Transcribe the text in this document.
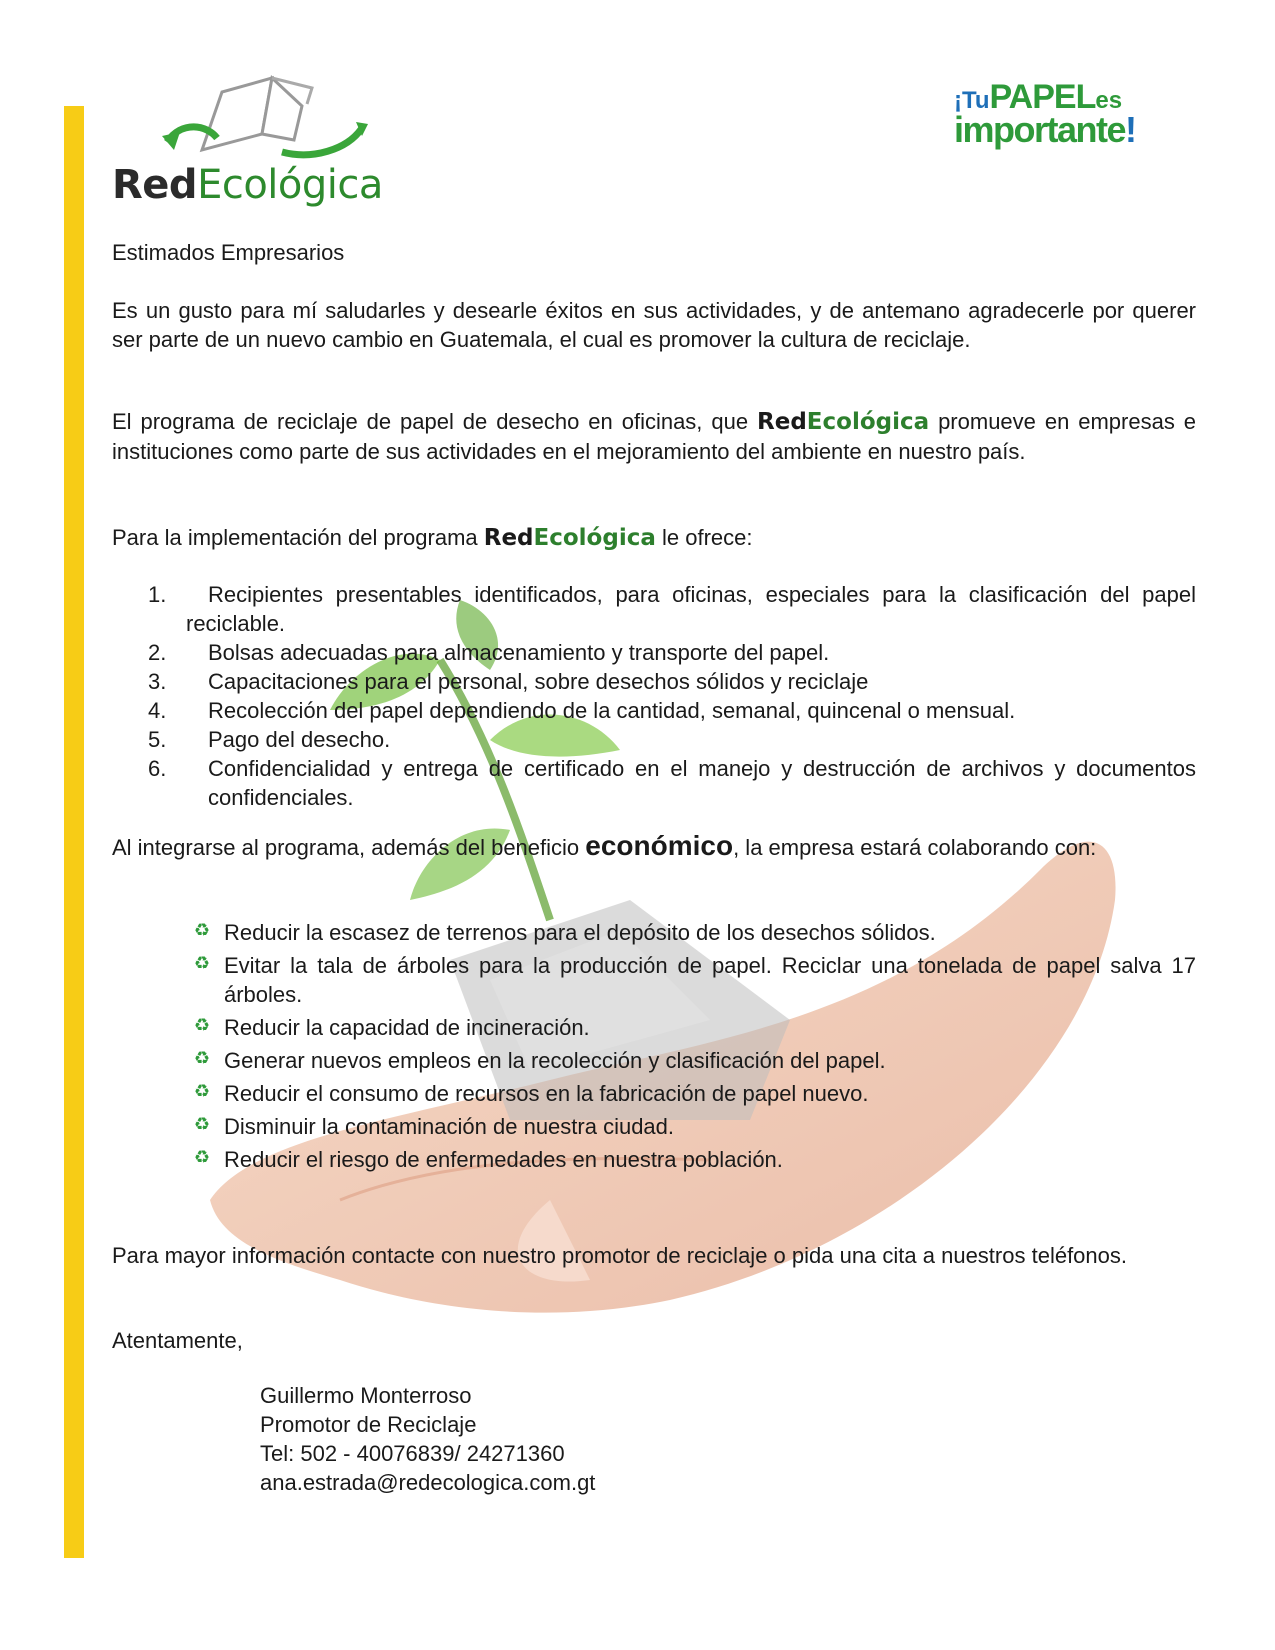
RedEcológica
¡TuPAPELes
importante!
Estimados Empresarios
Es un gusto para mí saludarles y desearle éxitos en sus actividades, y de antemano agradecerle por querer ser parte de un nuevo cambio en Guatemala, el cual es promover la cultura de reciclaje.
El programa de reciclaje de papel de desecho en oficinas, que RedEcológica promueve en empresas e instituciones como parte de sus actividades en el mejoramiento del ambiente en nuestro país.
Para la implementación del programa RedEcológica le ofrece:
1.	Recipientes presentables identificados, para oficinas, especiales para la clasificación del papel reciclable.
2.	Bolsas adecuadas para almacenamiento y transporte del papel.
3.	Capacitaciones para el personal, sobre desechos sólidos y reciclaje
4.	Recolección del papel dependiendo de la cantidad, semanal, quincenal o mensual.
5.	Pago del desecho.
6.	Confidencialidad y entrega de certificado en el manejo y destrucción de archivos y documentos confidenciales.
Al integrarse al programa, además del beneficio económico, la empresa estará colaborando con:
♻ Reducir la escasez de terrenos para el depósito de los desechos sólidos.
♻ Evitar la tala de árboles para la producción de papel. Reciclar una tonelada de papel salva 17 árboles.
♻ Reducir la capacidad de incineración.
♻ Generar nuevos empleos en la recolección y clasificación del papel.
♻ Reducir el consumo de recursos en la fabricación de papel nuevo.
♻ Disminuir la contaminación de nuestra ciudad.
♻ Reducir el riesgo de enfermedades en nuestra población.
Para mayor información contacte con nuestro promotor de reciclaje o pida una cita a nuestros teléfonos.
Atentamente,
Guillermo Monterroso
Promotor de Reciclaje
Tel: 502 - 40076839/ 24271360
ana.estrada@redecologica.com.gt
